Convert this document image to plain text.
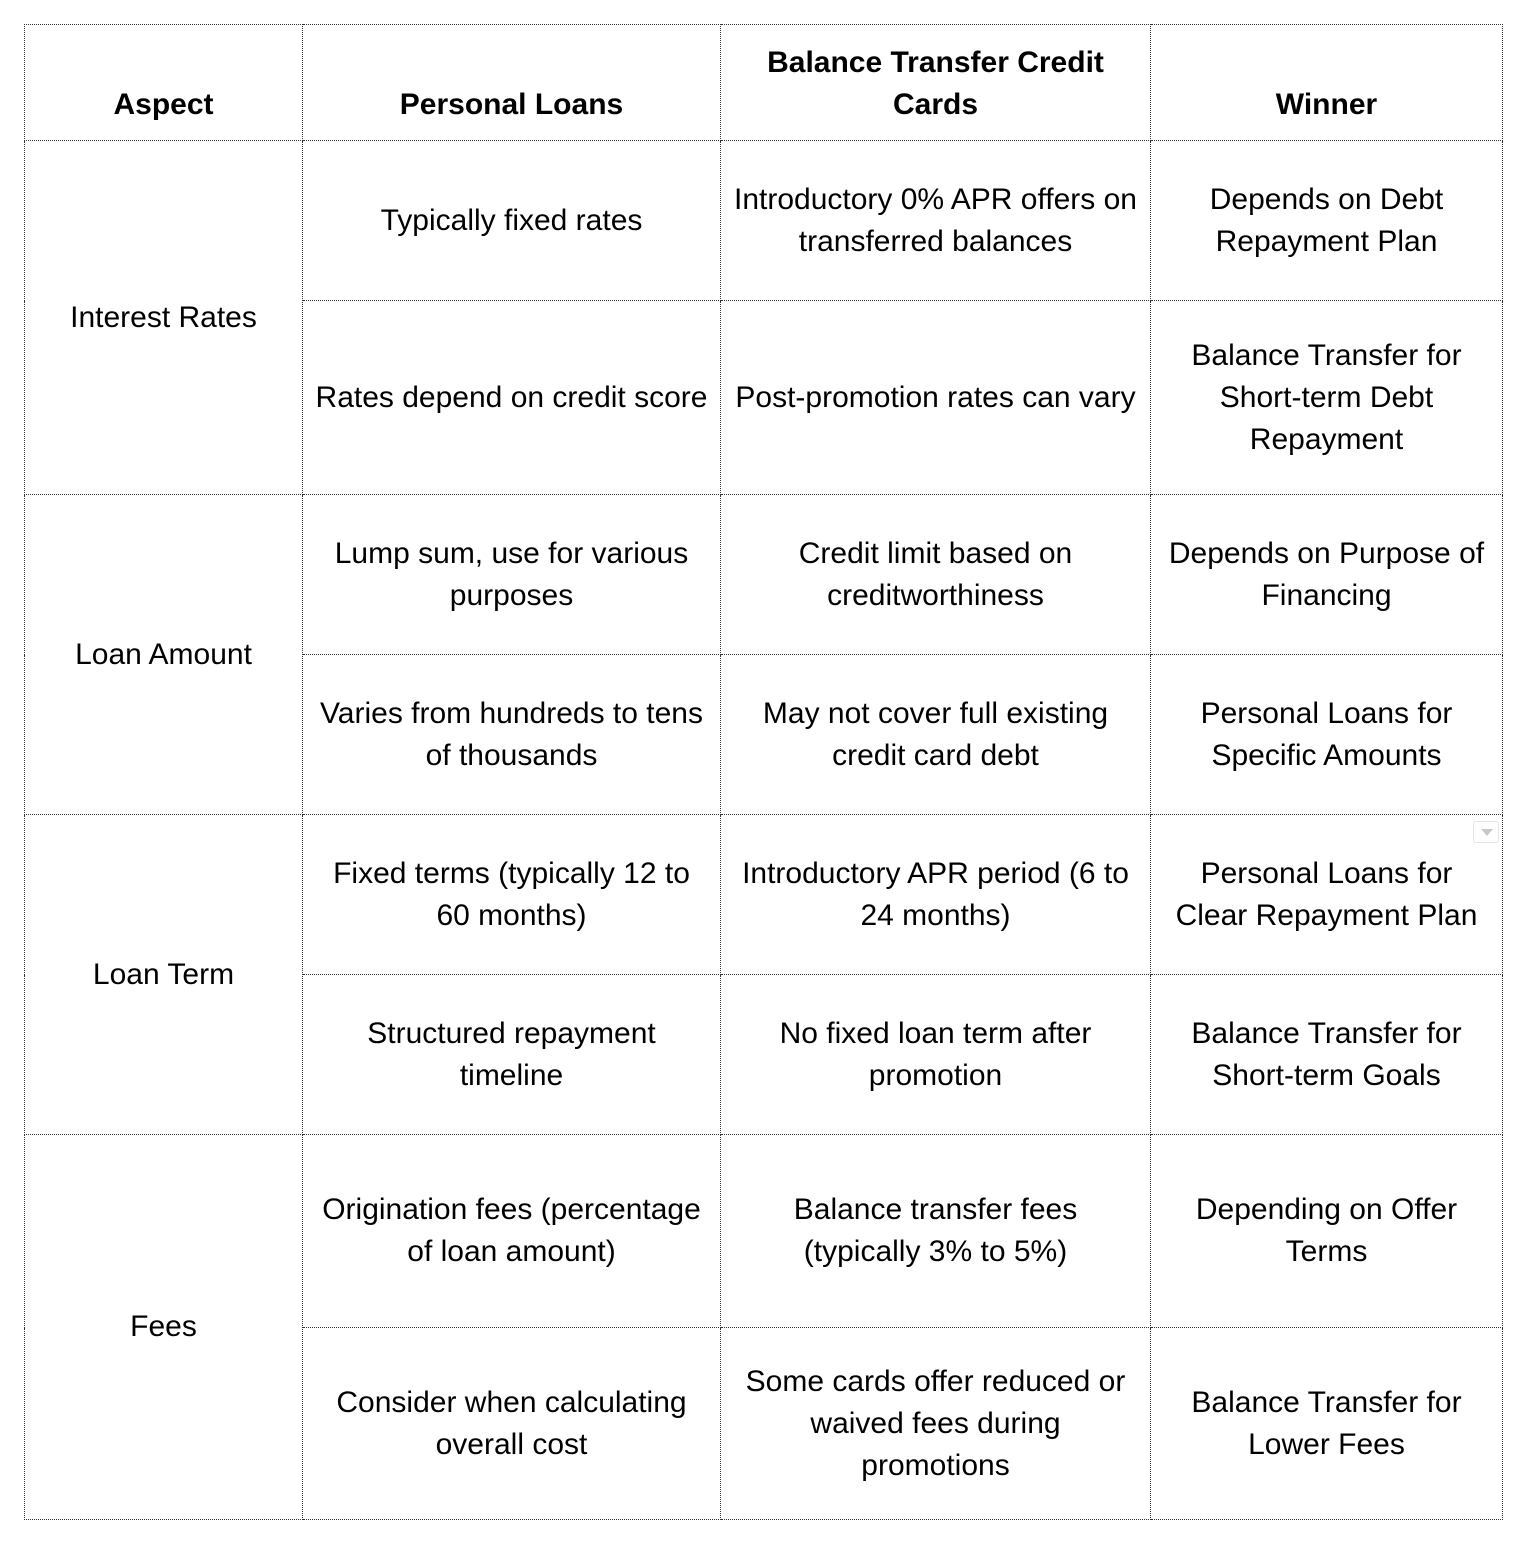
Aspect	Personal Loans	Balance Transfer Credit Cards	Winner
Interest Rates	Typically fixed rates	Introductory 0% APR offers on transferred balances	Depends on Debt Repayment Plan
	Rates depend on credit score	Post-promotion rates can vary	Balance Transfer for Short-term Debt Repayment
Loan Amount	Lump sum, use for various purposes	Credit limit based on creditworthiness	Depends on Purpose of Financing
	Varies from hundreds to tens of thousands	May not cover full existing credit card debt	Personal Loans for Specific Amounts
Loan Term	Fixed terms (typically 12 to 60 months)	Introductory APR period (6 to 24 months)	Personal Loans for Clear Repayment Plan

	Structured repayment timeline	No fixed loan term after promotion	Balance Transfer for Short-term Goals
Fees	Origination fees (percentage of loan amount)	Balance transfer fees (typically 3% to 5%)	Depending on Offer Terms
	Consider when calculating overall cost	Some cards offer reduced or waived fees during promotions	Balance Transfer for Lower Fees
